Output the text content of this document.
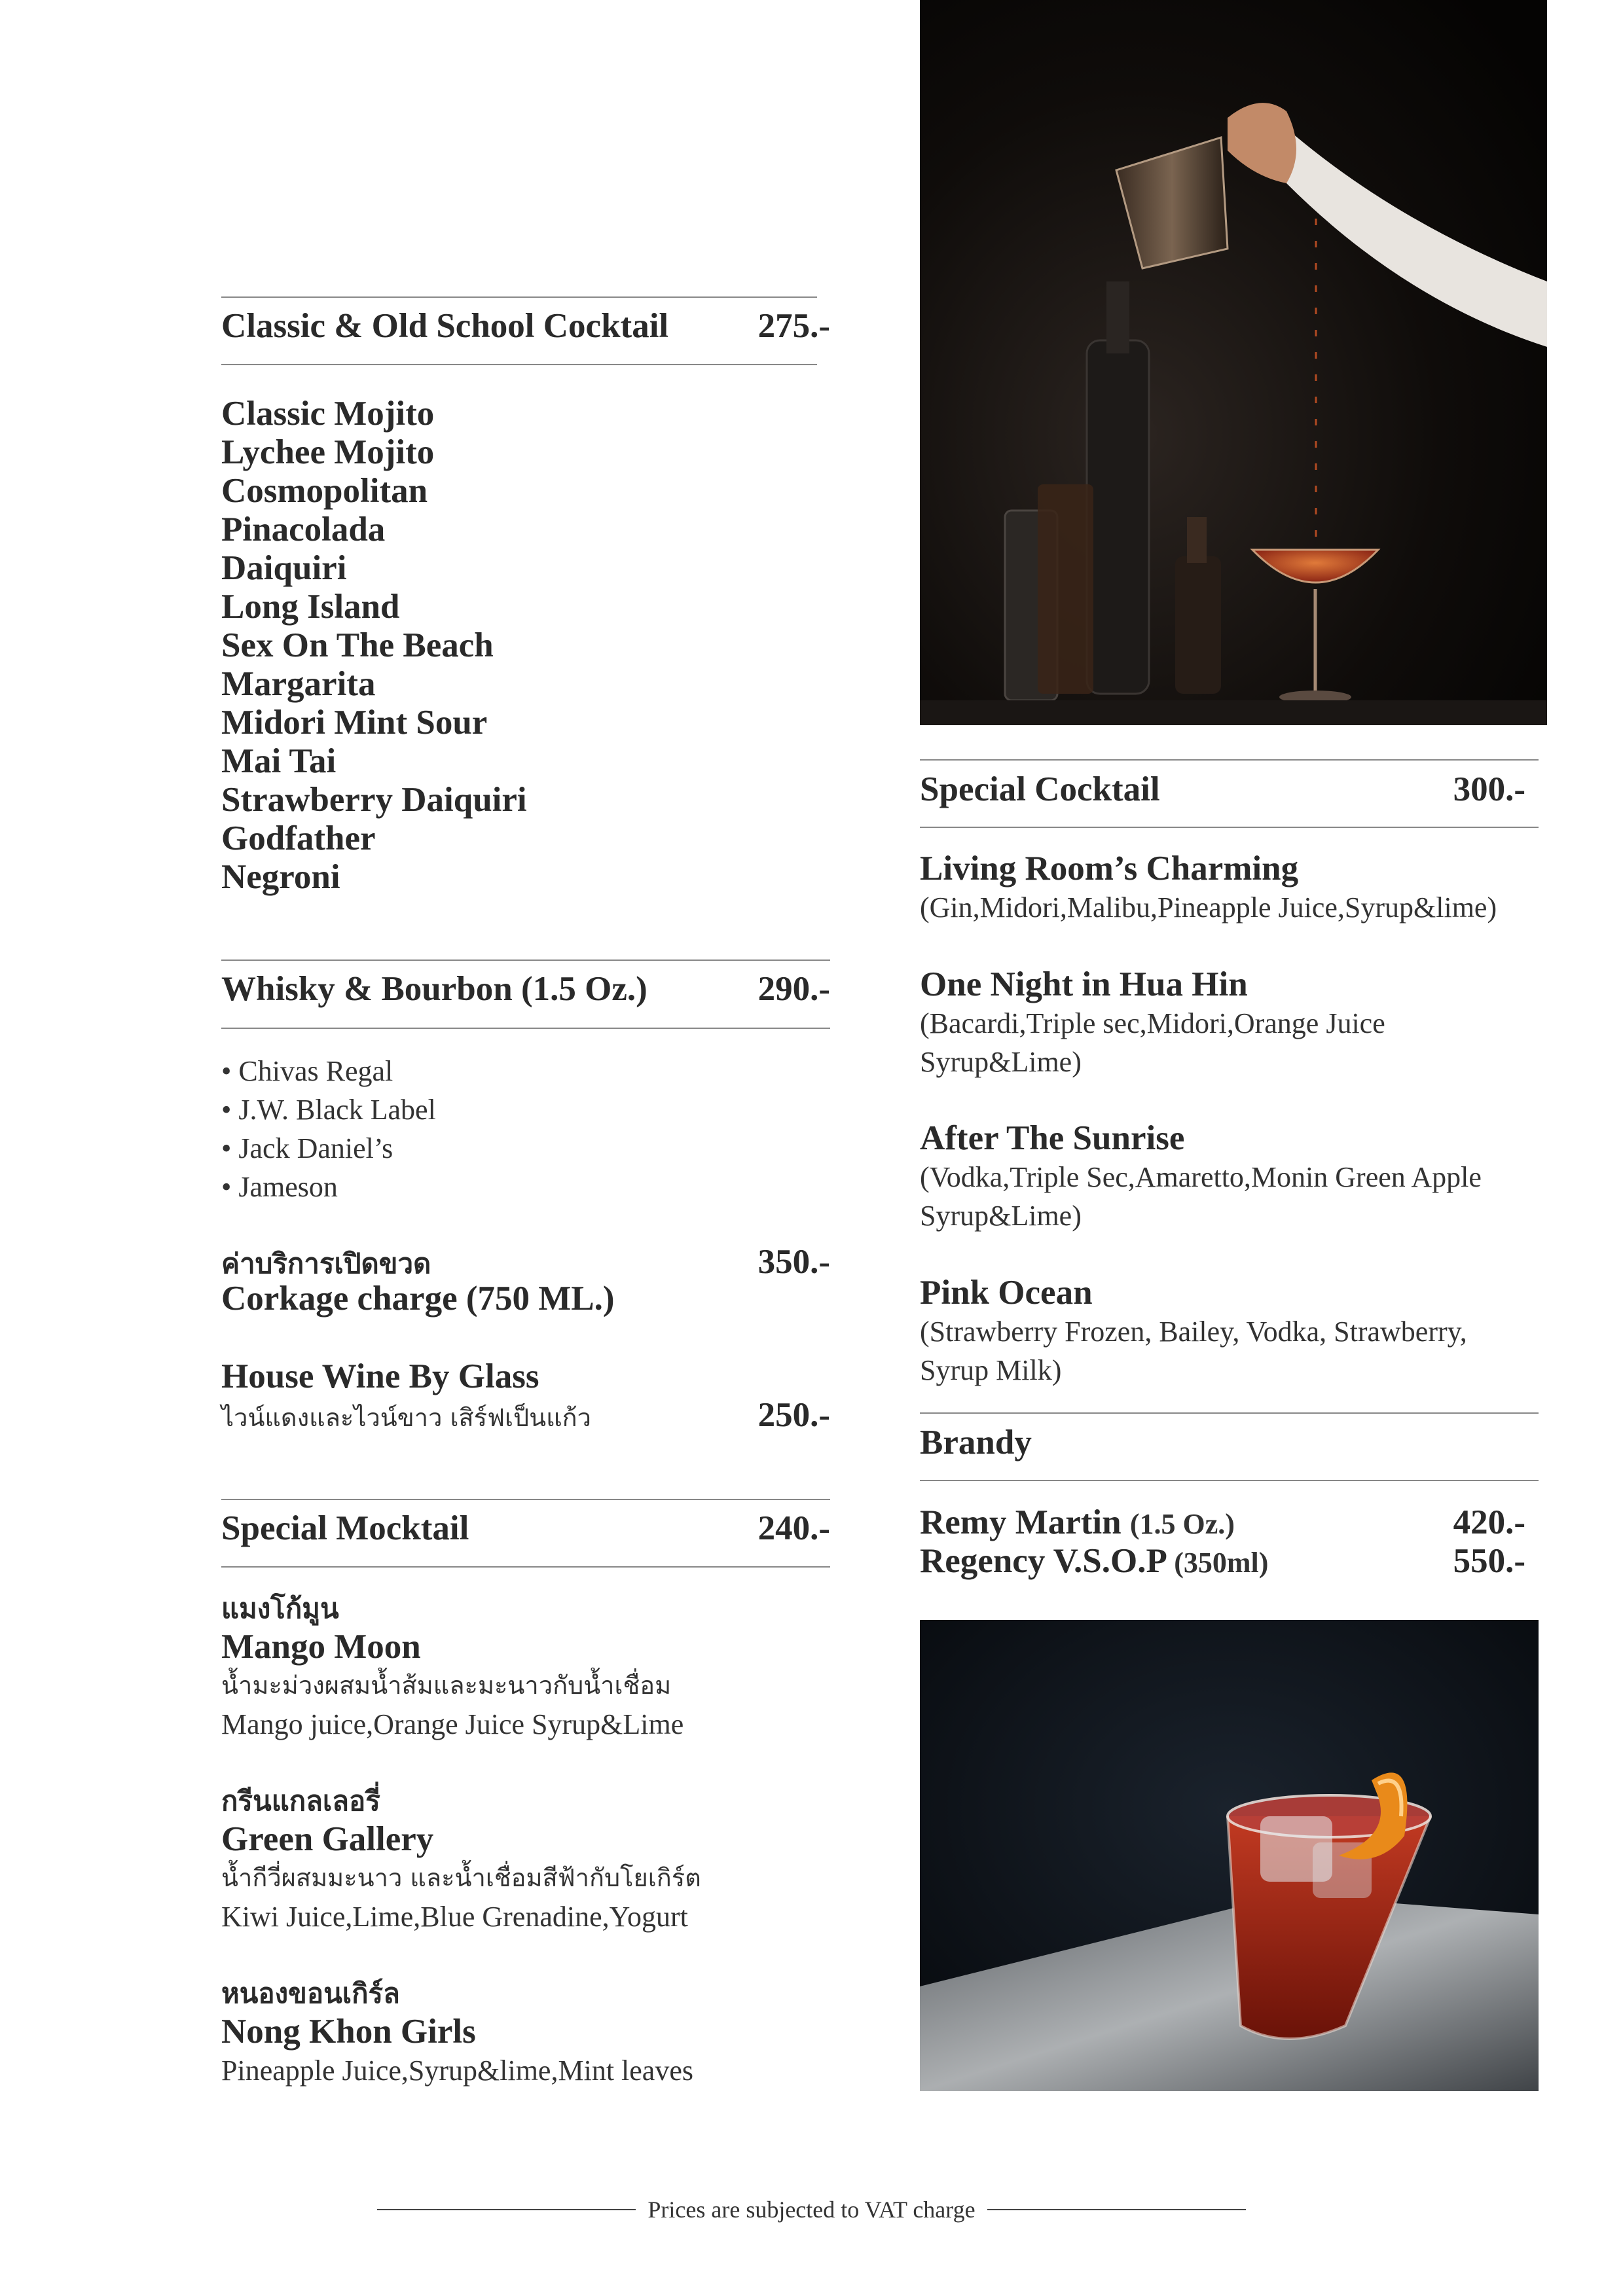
Classic & Old School Cocktail	275.-
Classic Mojito
Lychee Mojito
Cosmopolitan
Pinacolada
Daiquiri
Long Island
Sex On The Beach
Margarita
Midori Mint Sour
Mai Tai
Strawberry Daiquiri
Godfather
Negroni
Whisky & Bourbon (1.5 Oz.)	290.-
• Chivas Regal
• J.W. Black Label
• Jack Daniel’s
• Jameson
ค่าบริการเปิดขวด	350.-
Corkage charge (750 ML.)
House Wine By Glass
ไวน์แดงและไวน์ขาว เสิร์ฟเป็นแก้ว	250.-
Special Mocktail	240.-
แมงโก้มูน
Mango Moon
น้ำมะม่วงผสมน้ำส้มและมะนาวกับน้ำเชื่อม
Mango juice,Orange Juice Syrup&Lime
กรีนแกลเลอรี่
Green Gallery
น้ำกีวี่ผสมมะนาว และน้ำเชื่อมสีฟ้ากับโยเกิร์ต
Kiwi Juice,Lime,Blue Grenadine,Yogurt
หนองขอนเกิร์ล
Nong Khon Girls
Pineapple Juice,Syrup&lime,Mint leaves
Special Cocktail	300.-
Living Room’s Charming
(Gin,Midori,Malibu,Pineapple Juice,Syrup&lime)
One Night in Hua Hin
(Bacardi,Triple sec,Midori,Orange Juice
Syrup&Lime)
After The Sunrise
(Vodka,Triple Sec,Amaretto,Monin Green Apple
Syrup&Lime)
Pink Ocean
(Strawberry Frozen, Bailey, Vodka, Strawberry,
Syrup Milk)
Brandy
Remy Martin (1.5 Oz.)	420.-
Regency V.S.O.P (350ml)	550.-
Prices are subjected to VAT charge
